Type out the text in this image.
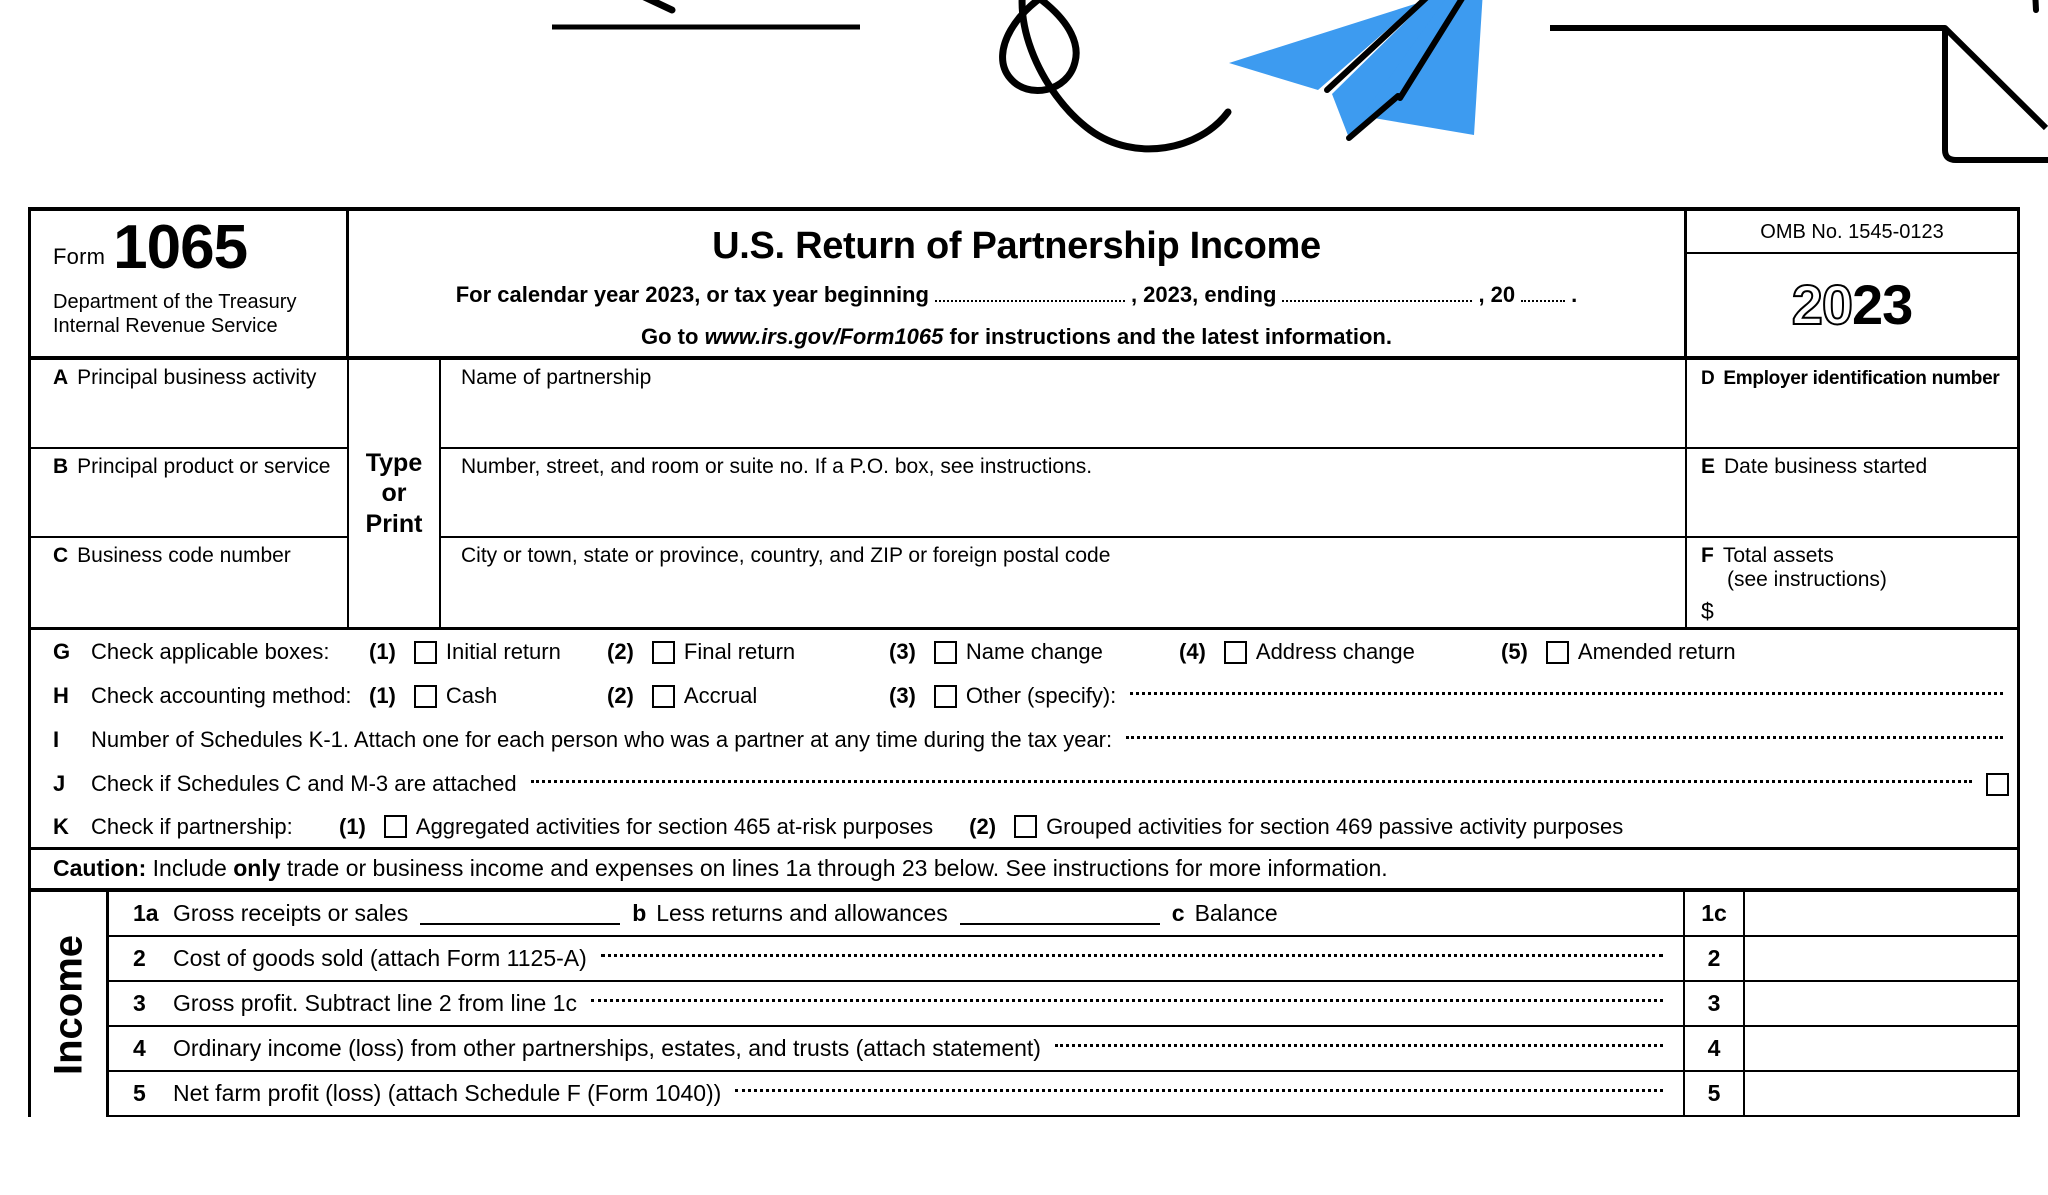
Form 1065
Department of the Treasury
Internal Revenue Service
U.S. Return of Partnership Income
For calendar year 2023, or tax year beginning	, 2023, ending	, 20	.
Go to www.irs.gov/Form1065 for instructions and the latest information.
OMB No. 1545-0123
2023
A Principal business activity
B Principal product or service
C Business code number
Type
or
Print
Name of partnership
Number, street, and room or suite no. If a P.O. box, see instructions.
City or town, state or province, country, and ZIP or foreign postal code
D Employer identification number
E Date business started
F Total assets
(see instructions)
$
G Check applicable boxes:	(1) Initial return (2) Final return	(3) Name change	(4) Address change	(5) Amended return
H	Check accounting method: (1) Cash	(2) Accrual	(3) Other (specify):
I	Number of Schedules K-1. Attach one for each person who was a partner at any time during the tax year:
J	Check if Schedules C and M-3 are attached
K	Check if partnership:	(1) Aggregated activities for section 465 at-risk purposes (2) Grouped activities for section 469 passive activity purposes
Caution: Include only trade or business income and expenses on lines 1a through 23 below. See instructions for more information.
Income
1a Gross receipts or sales	b Less returns and allowances	c Balance	1c
2	Cost of goods sold (attach Form 1125-A)	2
3	Gross profit. Subtract line 2 from line 1c	3
4	Ordinary income (loss) from other partnerships, estates, and trusts (attach statement)	4
5	Net farm profit (loss) (attach Schedule F (Form 1040))	5
